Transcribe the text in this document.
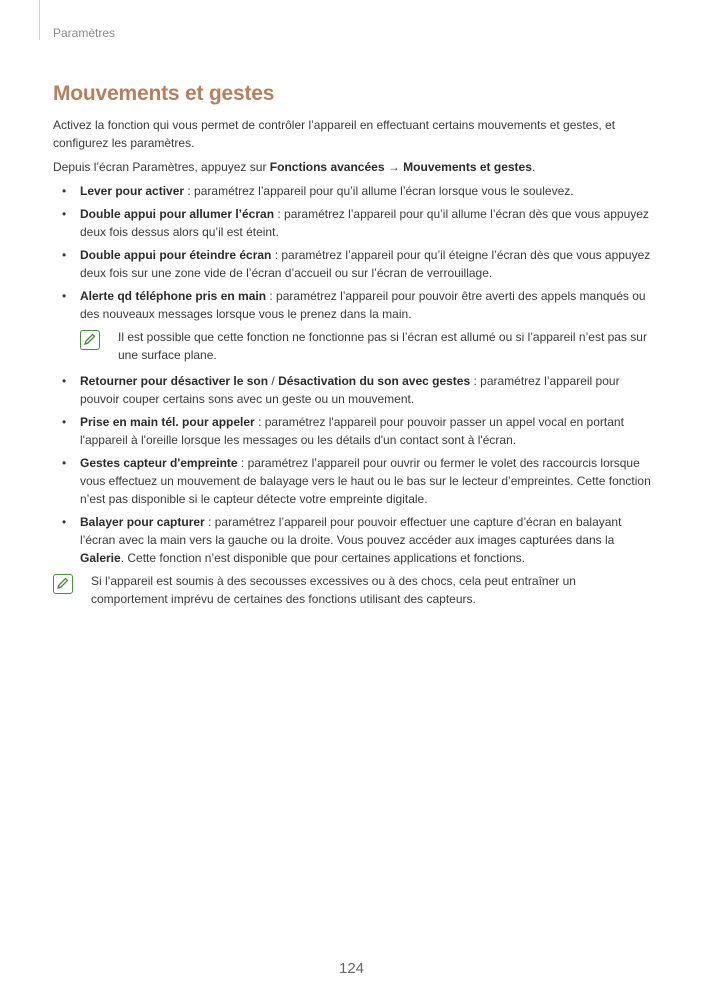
Paramètres
Mouvements et gestes

Activez la fonction qui vous permet de contrôler l’appareil en effectuant certains mouvements et gestes, et configurez les paramètres.

Depuis l’écran Paramètres, appuyez sur Fonctions avancées → Mouvements et gestes.

• Lever pour activer : paramétrez l’appareil pour qu’il allume l’écran lorsque vous le soulevez.
• Double appui pour allumer l’écran : paramétrez l’appareil pour qu’il allume l’écran dès que vous appuyez deux fois dessus alors qu’il est éteint.
• Double appui pour éteindre écran : paramétrez l’appareil pour qu’il éteigne l’écran dès que vous appuyez deux fois sur une zone vide de l’écran d’accueil ou sur l’écran de verrouillage.
• Alerte qd téléphone pris en main : paramétrez l’appareil pour pouvoir être averti des appels manqués ou des nouveaux messages lorsque vous le prenez dans la main.
Il est possible que cette fonction ne fonctionne pas si l’écran est allumé ou si l’appareil n’est pas sur une surface plane.
• Retourner pour désactiver le son / Désactivation du son avec gestes : paramétrez l’appareil pour pouvoir couper certains sons avec un geste ou un mouvement.
• Prise en main tél. pour appeler : paramétrez l'appareil pour pouvoir passer un appel vocal en portant l'appareil à l'oreille lorsque les messages ou les détails d'un contact sont à l'écran.
• Gestes capteur d'empreinte : paramétrez l’appareil pour ouvrir ou fermer le volet des raccourcis lorsque vous effectuez un mouvement de balayage vers le haut ou le bas sur le lecteur d’empreintes. Cette fonction n’est pas disponible si le capteur détecte votre empreinte digitale.
• Balayer pour capturer : paramétrez l’appareil pour pouvoir effectuer une capture d’écran en balayant l’écran avec la main vers la gauche ou la droite. Vous pouvez accéder aux images capturées dans la Galerie. Cette fonction n’est disponible que pour certaines applications et fonctions.
Si l’appareil est soumis à des secousses excessives ou à des chocs, cela peut entraîner un comportement imprévu de certaines des fonctions utilisant des capteurs.
124
